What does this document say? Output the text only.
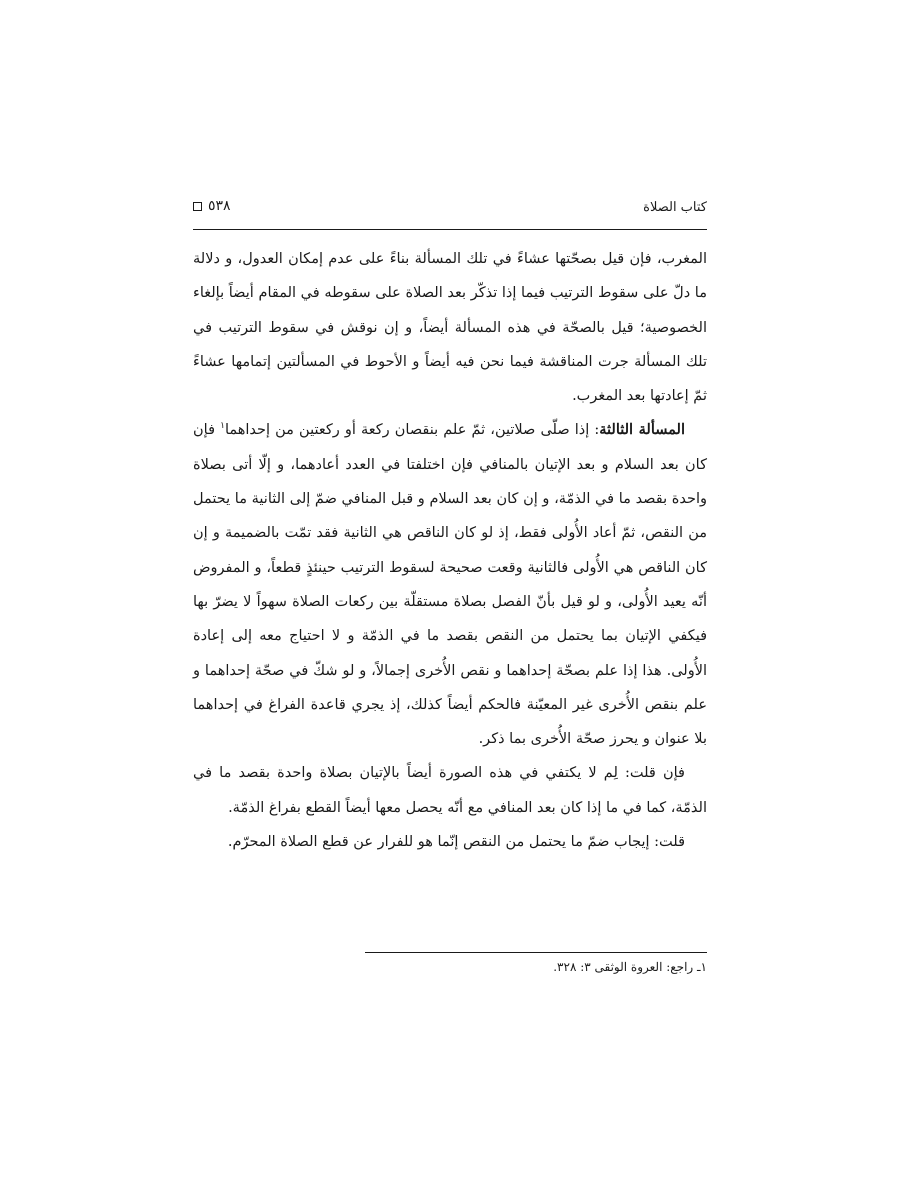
٥٣٨	كتاب الصلاة

المغرب، فإن قيل بصحّتها عشاءً في تلك المسألة بناءً على عدم إمكان العدول، و دلالة ما دلّ على سقوط الترتيب فيما إذا تذكّر بعد الصلاة على سقوطه في المقام أيضاً بإلغاء الخصوصية؛ قيل بالصحّة في هذه المسألة أيضاً، و إن نوقش في سقوط الترتيب في تلك المسألة جرت المناقشة فيما نحن فيه أيضاً و الأحوط في المسألتين إتمامها عشاءً ثمّ إعادتها بعد المغرب.

المسألة الثالثة: إذا صلّى صلاتين، ثمّ علم بنقصان ركعة أو ركعتين من إحداهما$^١$ فإن كان بعد السلام و بعد الإتيان بالمنافي فإن اختلفتا في العدد أعادهما، و إلّا أتى بصلاة واحدة بقصد ما في الذمّة، و إن كان بعد السلام و قبل المنافي ضمّ إلى الثانية ما يحتمل من النقص، ثمّ أعاد الأُولى فقط، إذ لو كان الناقص هي الثانية فقد تمّت بالضميمة و إن كان الناقص هي الأُولى فالثانية وقعت صحيحة لسقوط الترتيب حينئذٍ قطعاً، و المفروض أنّه يعيد الأُولى، و لو قيل بأنّ الفصل بصلاة مستقلّة بين ركعات الصلاة سهواً لا يضرّ بها فيكفي الإتيان بما يحتمل من النقص بقصد ما في الذمّة و لا احتياج معه إلى إعادة الأُولى. هذا إذا علم بصحّة إحداهما و نقص الأُخرى إجمالاً، و لو شكّ في صحّة إحداهما و علم بنقص الأُخرى غير المعيّنة فالحكم أيضاً كذلك، إذ يجري قاعدة الفراغ في إحداهما بلا عنوان و يحرز صحّة الأُخرى بما ذكر.

فإن قلت: لِم لا يكتفي في هذه الصورة أيضاً بالإتيان بصلاة واحدة بقصد ما في الذمّة، كما في ما إذا كان بعد المنافي مع أنّه يحصل معها أيضاً القطع بفراغ الذمّة.

قلت: إيجاب ضمّ ما يحتمل من النقص إنّما هو للفرار عن قطع الصلاة المحرّم.

١ـ راجع: العروة الوثقى ٣: ٣٢٨.
